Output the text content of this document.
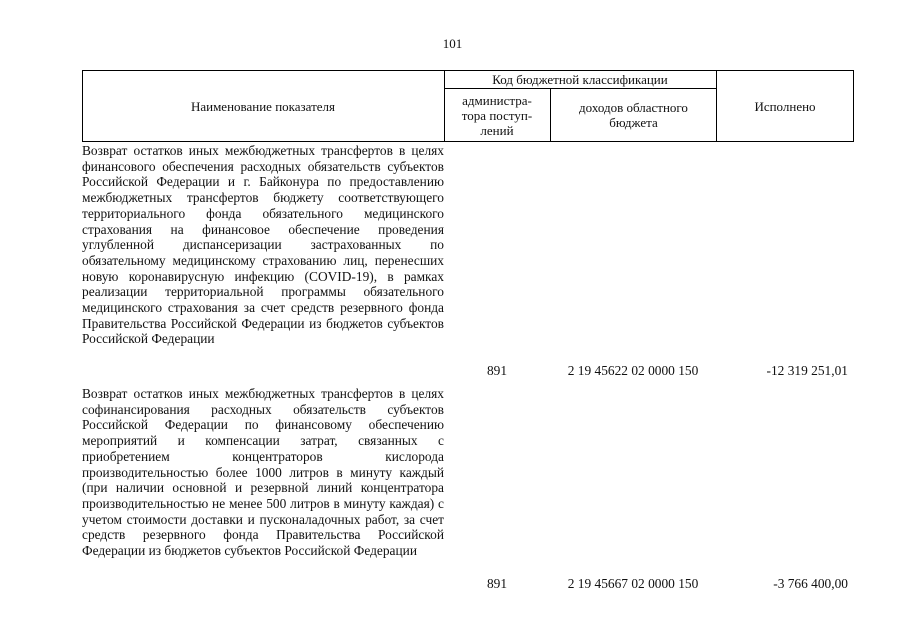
101
Наименование показателя
Код бюджетной классификации
администра-
тора поступ-
лений
доходов областного
бюджета
Исполнено
Возврат остатков иных межбюджетных трансфертов в целях финансового обеспечения расходных обязательств субъектов Российской Федерации и г. Байконура по предоставлению межбюджетных трансфертов бюджету соответствующего территориального фонда обязательного медицинского страхования на финансовое обеспечение проведения углубленной диспансеризации застрахованных по обязательному медицинскому страхованию лиц, перенесших новую коронавирусную инфекцию (COVID-19), в рамках реализации территориальной программы обязательного медицинского страхования за счет средств резервного фонда Правительства Российской Федерации из бюджетов субъектов Российской Федерации
891	2 19 45622 02 0000 150	-12 319 251,01
Возврат остатков иных межбюджетных трансфертов в целях софинансирования расходных обязательств субъектов Российской Федерации по финансовому обеспечению мероприятий и компенсации затрат, связанных с приобретением концентраторов кислорода производительностью более 1000 литров в минуту каждый (при наличии основной и резервной линий концентратора производительностью не менее 500 литров в минуту каждая) с учетом стоимости доставки и пусконаладочных работ, за счет средств резервного фонда Правительства Российской Федерации из бюджетов субъектов Российской Федерации
891	2 19 45667 02 0000 150	-3 766 400,00
